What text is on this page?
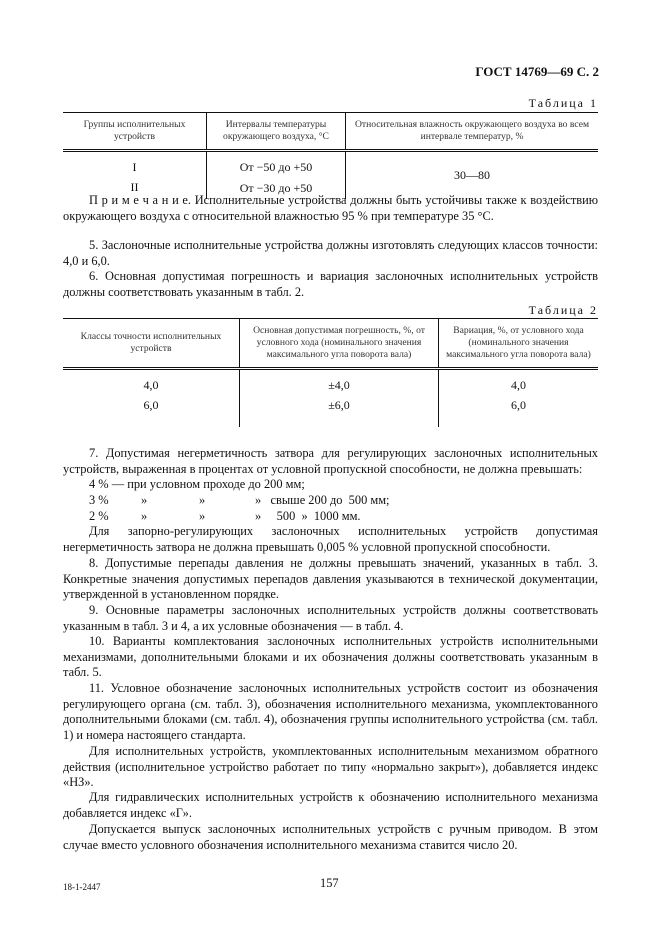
ГОСТ 14769—69 С. 2
Таблица 1
Группы исполнительных устройств	Интервалы температуры окружающего воздуха, °С	Относительная влажность окружающего воздуха во всем интервале температур, %
I	От −50 до +50	30—80
II	От −30 до +50	
П р и м е ч а н и е. Исполнительные устройства должны быть устойчивы также к воздействию окружающего воздуха с относительной влажностью 95 % при температуре 35 °С.
5. Заслоночные исполнительные устройства должны изготовлять следующих классов точности: 4,0 и 6,0.
6. Основная допустимая погрешность и вариация заслоночных исполнительных устройств должны соответствовать указанным в табл. 2.
Таблица 2
Классы точности исполнительных устройств	Основная допустимая погрешность, %, от условного хода (номинального значения максимального угла поворота вала)	Вариация, %, от условного хода (номинального значения максимального угла поворота вала)
4,0	±4,0	4,0
6,0	±6,0	6,0
7. Допустимая негерметичность затвора для регулирующих заслоночных исполнительных устройств, выраженная в процентах от условной пропускной способности, не должна превышать:
4 % — при условном проходе до 200 мм;
3 %	»	»	»   свыше 200 до  500 мм;
2 %	»	»	»     500  »  1000 мм.
Для запорно-регулирующих заслоночных исполнительных устройств допустимая негерметичность затвора не должна превышать 0,005 % условной пропускной способности.
8. Допустимые перепады давления не должны превышать значений, указанных в табл. 3. Конкретные значения допустимых перепадов давления указываются в технической документации, утвержденной в установленном порядке.
9. Основные параметры заслоночных исполнительных устройств должны соответствовать указанным в табл. 3 и 4, а их условные обозначения — в табл. 4.
10. Варианты комплектования заслоночных исполнительных устройств исполнительными механизмами, дополнительными блоками и их обозначения должны соответствовать указанным в табл. 5.
11. Условное обозначение заслоночных исполнительных устройств состоит из обозначения регулирующего органа (см. табл. 3), обозначения исполнительного механизма, укомплектованного дополнительными блоками (см. табл. 4), обозначения группы исполнительного устройства (см. табл. 1) и номера настоящего стандарта.
Для исполнительных устройств, укомплектованных исполнительным механизмом обратного действия (исполнительное устройство работает по типу «нормально закрыт»), добавляется индекс «НЗ».
Для гидравлических исполнительных устройств к обозначению исполнительного механизма добавляется индекс «Г».
Допускается выпуск заслоночных исполнительных устройств с ручным приводом. В этом случае вместо условного обозначения исполнительного механизма ставится число 20.
18-1-2447	157
